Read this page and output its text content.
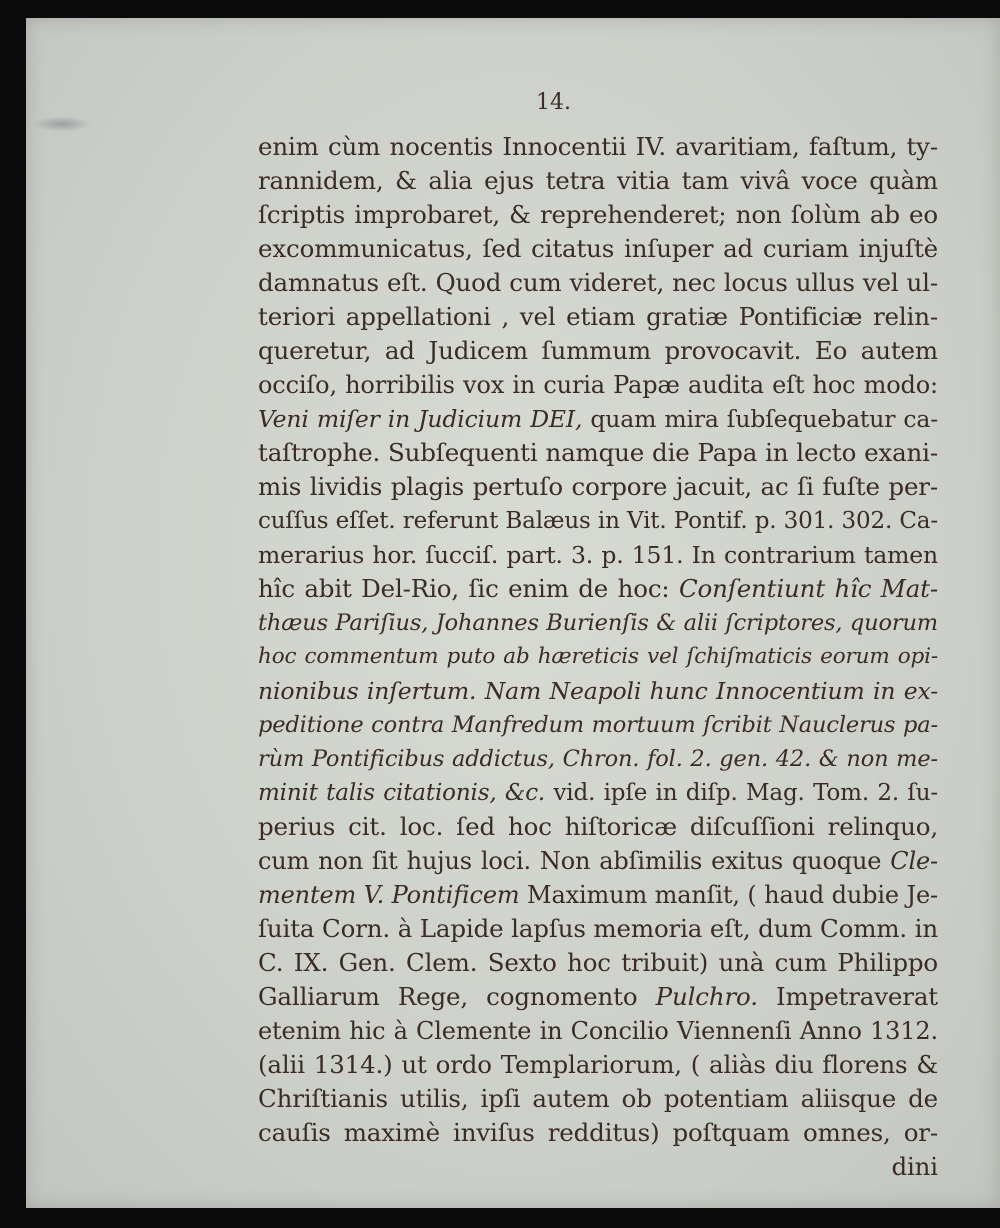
14.
enim cùm nocentis Innocentii IV. avaritiam, faſtum, ty-
rannidem, & alia ejus tetra vitia tam vivâ voce quàm
ſcriptis improbaret, & reprehenderet; non ſolùm ab eo
excommunicatus, ſed citatus inſuper ad curiam injuſtè
damnatus eſt. Quod cum videret, nec locus ullus vel ul-
teriori appellationi , vel etiam gratiæ Pontificiæ relin-
queretur, ad Judicem ſummum provocavit. Eo autem
occiſo, horribilis vox in curia Papæ audita eſt hoc modo:
Veni miſer in Judicium DEI, quam mira ſubſequebatur ca-
taſtrophe. Subſequenti namque die Papa in lecto exani-
mis lividis plagis pertuſo corpore jacuit, ac ſi fuſte per-
cuſſus eſſet. referunt Balæus in Vit. Pontif. p. 301. 302. Ca-
merarius hor. ſucciſ. part. 3. p. 151. In contrarium tamen
hîc abit Del-Rio, ſic enim de hoc: Conſentiunt hîc Mat-
thæus Pariſius, Johannes Burienſis & alii ſcriptores, quorum
hoc commentum puto ab hæreticis vel ſchiſmaticis eorum opi-
nionibus inſertum. Nam Neapoli hunc Innocentium in ex-
peditione contra Manfredum mortuum ſcribit Nauclerus pa-
rùm Pontificibus addictus, Chron. fol. 2. gen. 42. & non me-
minit talis citationis, &c. vid. ipſe in diſp. Mag. Tom. 2. ſu-
perius cit. loc. ſed hoc hiſtoricæ diſcuſſioni relinquo,
cum non ſit hujus loci. Non abſimilis exitus quoque Cle-
mentem V. Pontificem Maximum manſit, ( haud dubie Je-
ſuita Corn. à Lapide lapſus memoria eſt, dum Comm. in
C. IX. Gen. Clem. Sexto hoc tribuit) unà cum Philippo
Galliarum Rege, cognomento Pulchro. Impetraverat
etenim hic à Clemente in Concilio Viennenſi Anno 1312.
(alii 1314.) ut ordo Templariorum, ( aliàs diu florens &
Chriſtianis utilis, ipſi autem ob potentiam aliisque de
cauſis maximè inviſus redditus) poſtquam omnes, or-
dini
